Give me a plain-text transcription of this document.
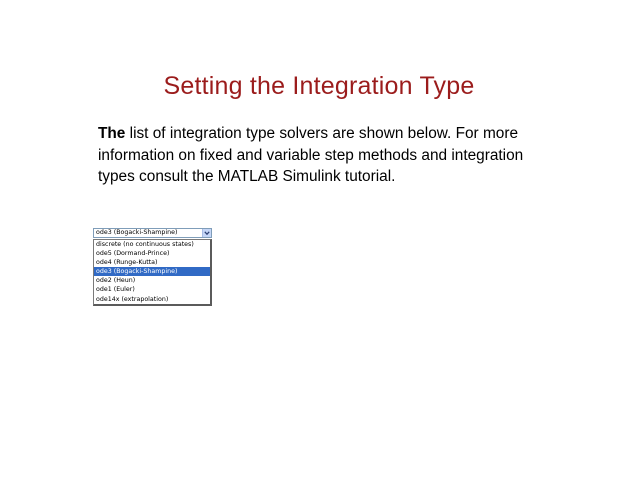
Setting the Integration Type

The list of integration type solvers are shown below. For more information on fixed and variable step methods and integration types consult the MATLAB Simulink tutorial.

ode3 (Bogacki-Shampine)
discrete (no continuous states)
ode5 (Dormand-Prince)
ode4 (Runge-Kutta)
ode3 (Bogacki-Shampine)
ode2 (Heun)
ode1 (Euler)
ode14x (extrapolation)
